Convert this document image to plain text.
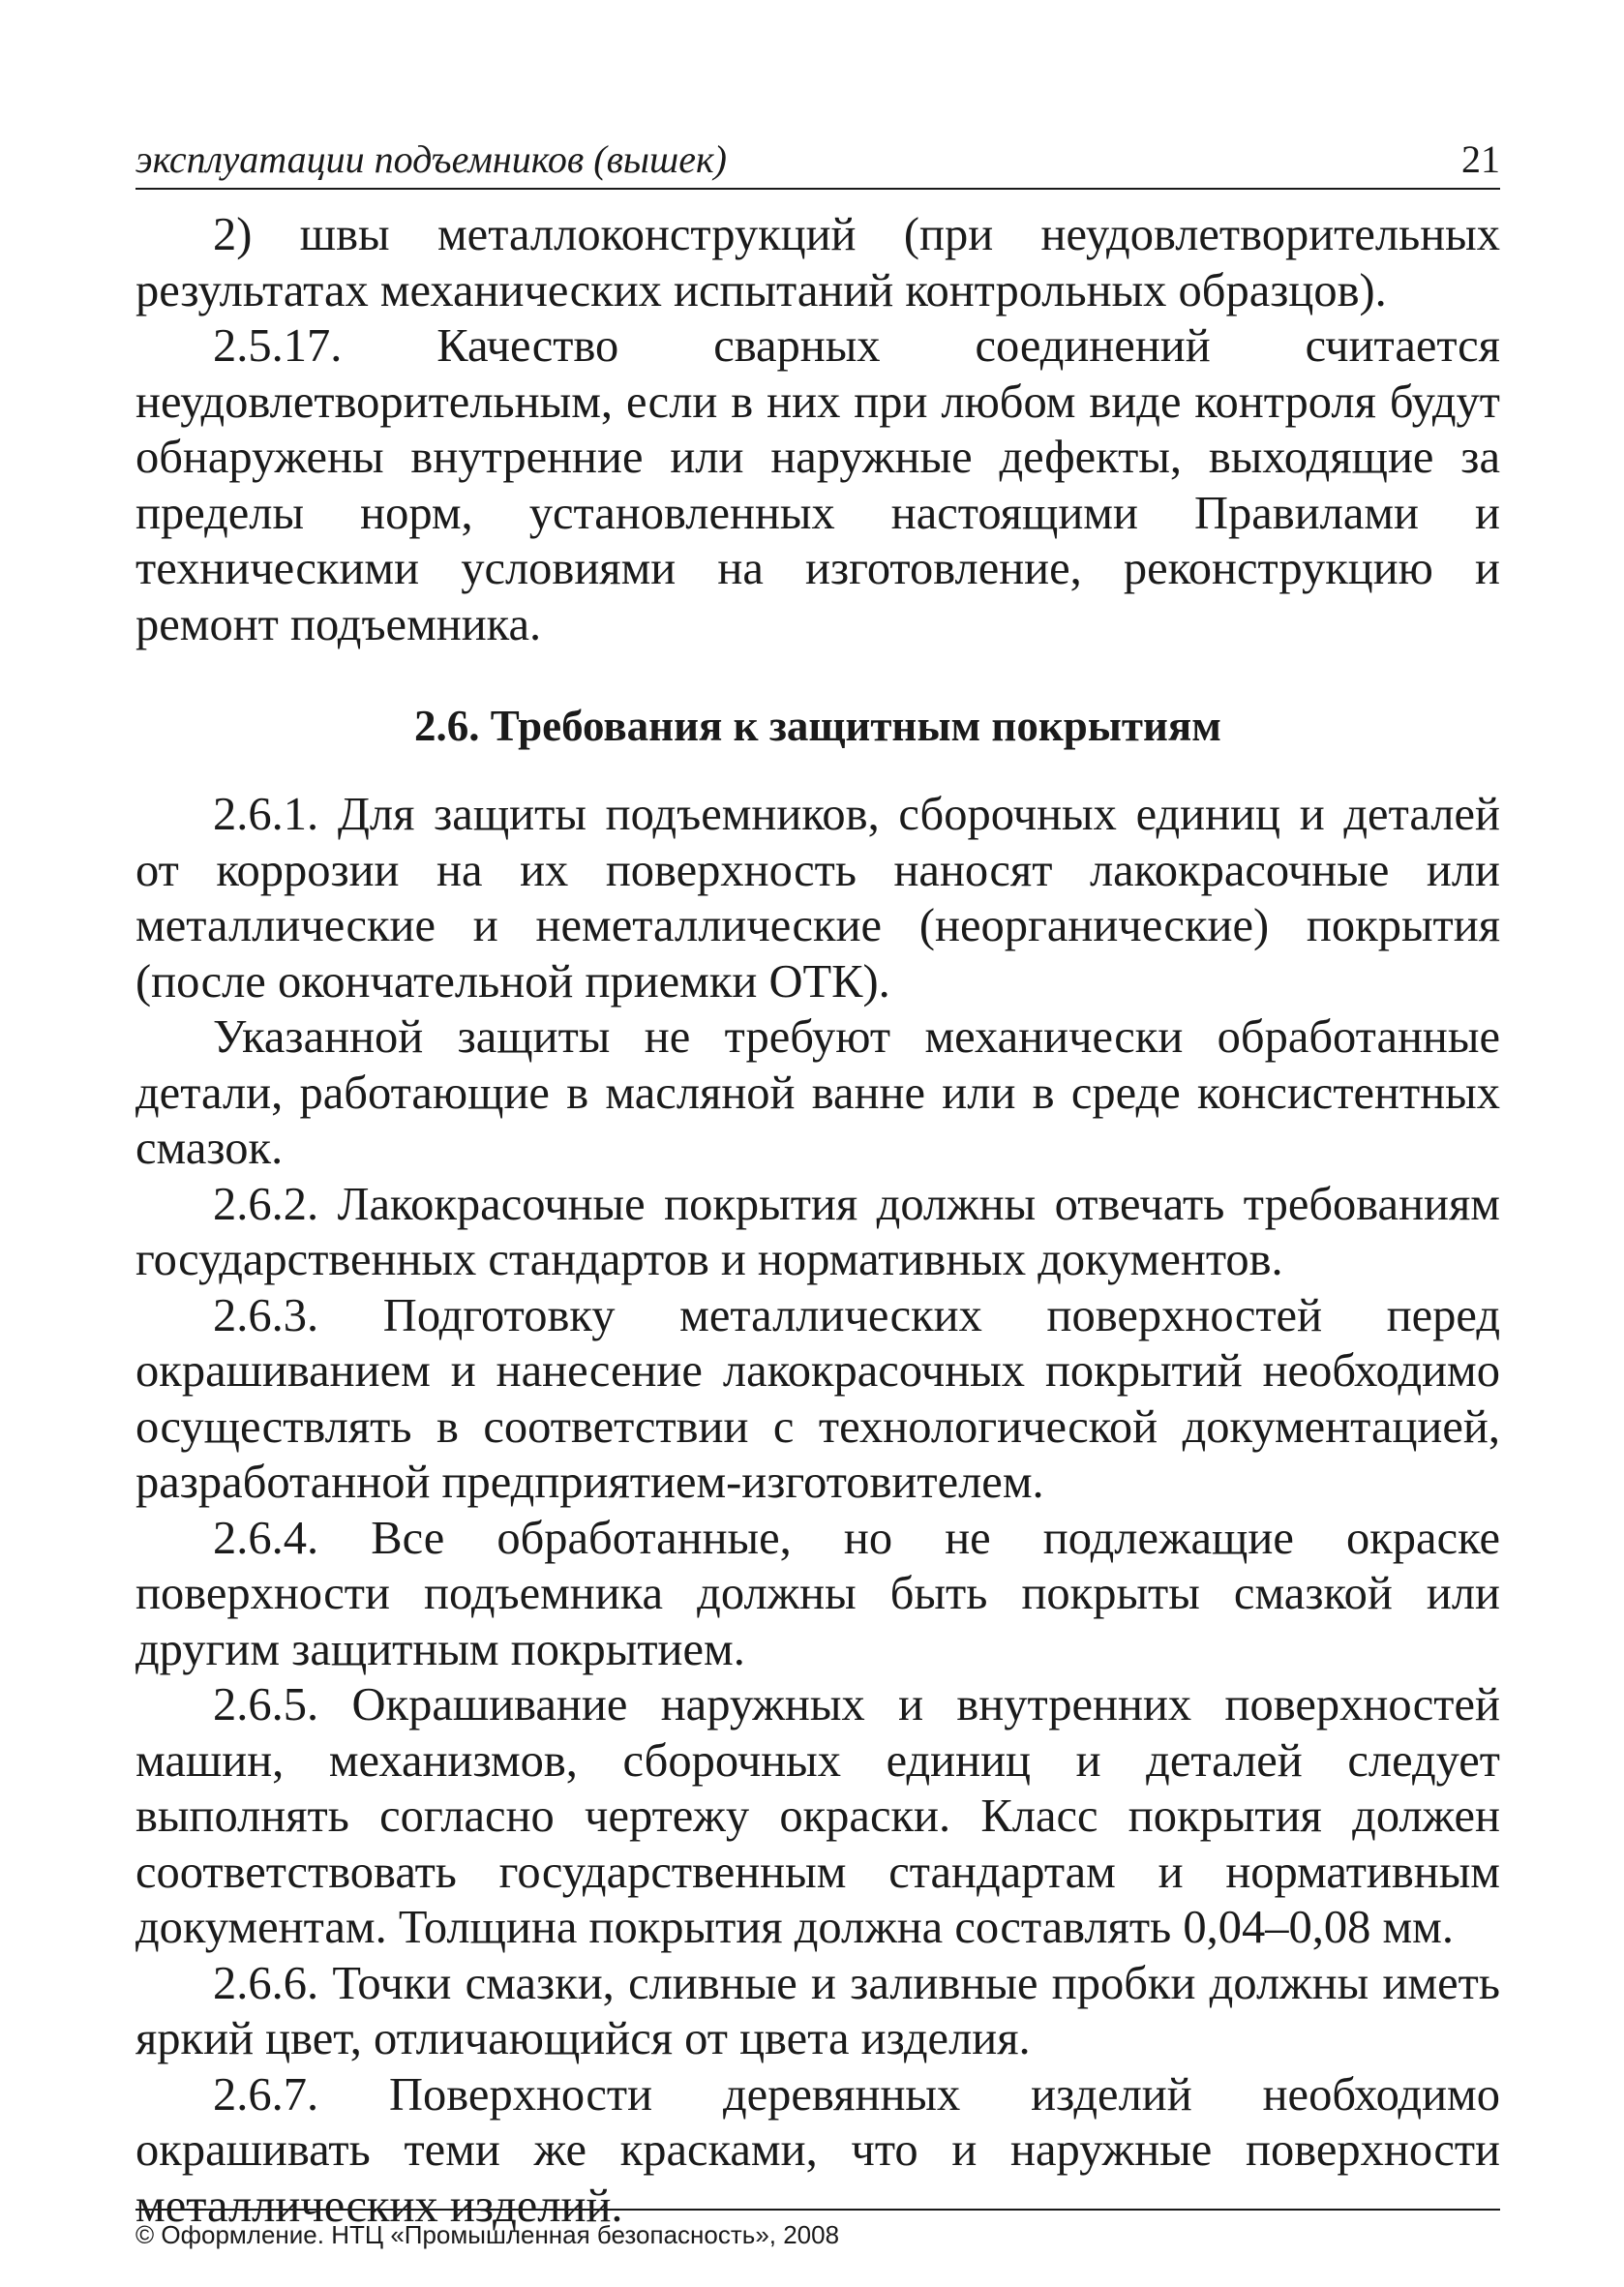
эксплуатации подъемников (вышек)	21

2) швы металлоконструкций (при неудовлетворительных результатах механических испытаний контрольных образцов).

2.5.17. Качество сварных соединений считается неудовлетворительным, если в них при любом виде контроля будут обнаружены внутренние или наружные дефекты, выходящие за пределы норм, установленных настоящими Правилами и техническими условиями на изготовление, реконструкцию и ремонт подъемника.

2.6. Требования к защитным покрытиям

2.6.1. Для защиты подъемников, сборочных единиц и деталей от коррозии на их поверхность наносят лакокрасочные или металлические и неметаллические (неорганические) покрытия (после окончательной приемки ОТК).

Указанной защиты не требуют механически обработанные детали, работающие в масляной ванне или в среде консистентных смазок.

2.6.2. Лакокрасочные покрытия должны отвечать требованиям государственных стандартов и нормативных документов.

2.6.3. Подготовку металлических поверхностей перед окрашиванием и нанесение лакокрасочных покрытий необходимо осуществлять в соответствии с технологической документацией, разработанной предприятием-изготовителем.

2.6.4. Все обработанные, но не подлежащие окраске поверхности подъемника должны быть покрыты смазкой или другим защитным покрытием.

2.6.5. Окрашивание наружных и внутренних поверхностей машин, механизмов, сборочных единиц и деталей следует выполнять согласно чертежу окраски. Класс покрытия должен соответствовать государственным стандартам и нормативным документам. Толщина покрытия должна составлять 0,04–0,08 мм.

2.6.6. Точки смазки, сливные и заливные пробки должны иметь яркий цвет, отличающийся от цвета изделия.

2.6.7. Поверхности деревянных изделий необходимо окрашивать теми же красками, что и наружные поверхности металлических изделий.

© Оформление. НТЦ «Промышленная безопасность», 2008
